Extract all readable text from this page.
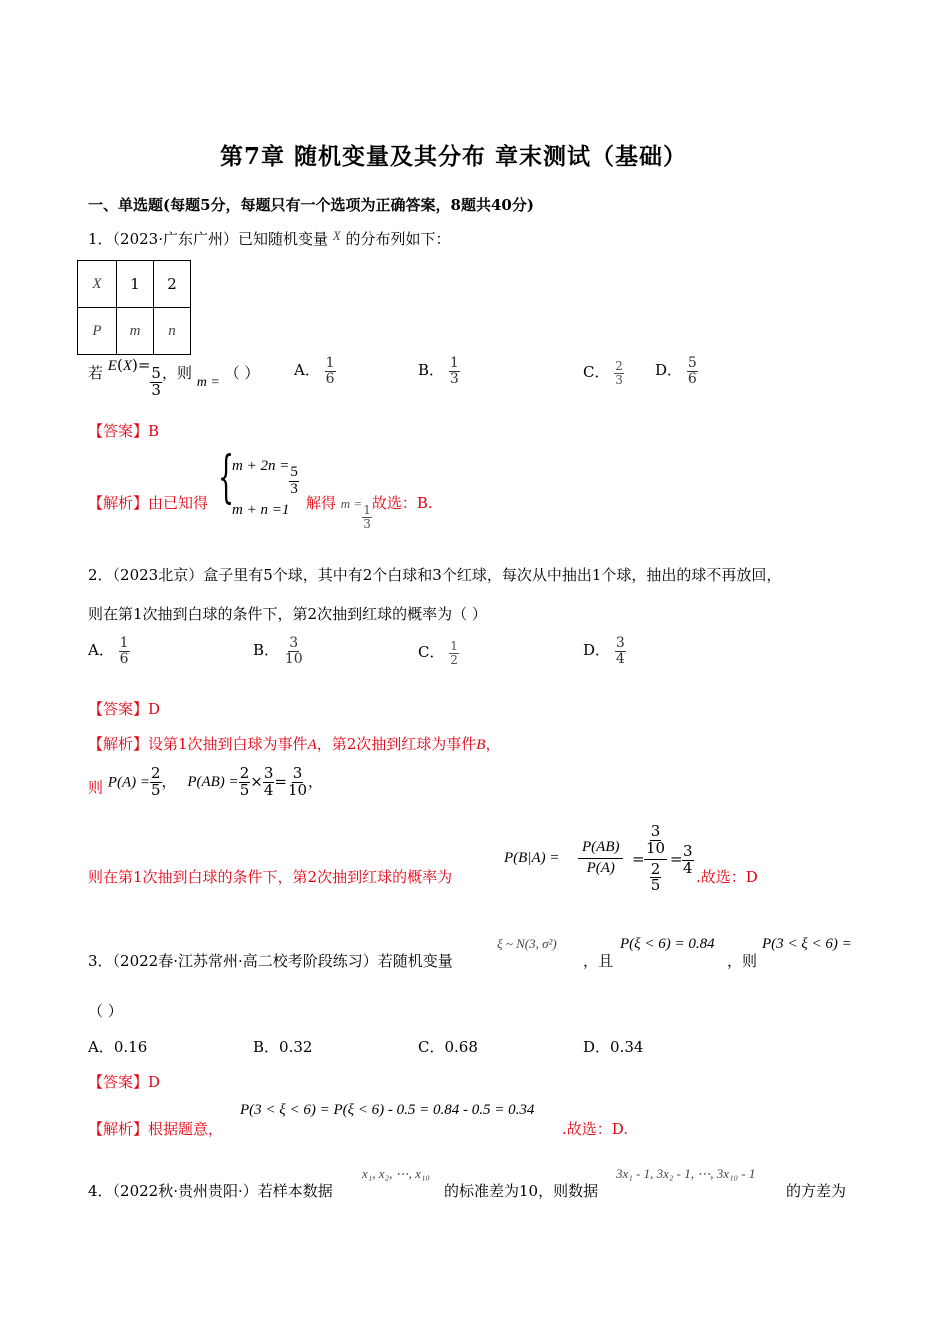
第7章 随机变量及其分布 章末测试（基础）
一、单选题(每题5分，每题只有一个选项为正确答案，8题共40分)
1．（2023·广东广州）已知随机变量 X 的分布列如下：
X	1	2
P	m	n
若 E(X)=
$\frac{5}{3}$ ，则 m = （ ） A． $\frac{1}{6}$	B． $\frac{1}{3}$	C． $\frac{2}{3}$ D． $\frac{5}{6}$
【答案】B
【解析】由已知得 {
$m + 2n = \frac{5}{3}$
m + n =1 解得 m =
$\frac{1}{3}$
故选：B.
2．（2023北京）盒子里有5个球，其中有2个白球和3个红球，每次从中抽出1个球，抽出的球不再放回，
则在第1次抽到白球的条件下，第2次抽到红球的概率为（ ）
A． $\frac{1}{6}$	B． $\frac{3}{10}$	C． $\frac{1}{2}$	D． $\frac{3}{4}$
【答案】D
【解析】设第1次抽到白球为事件A，第2次抽到红球为事件B，
则 $P(A) = \frac{2}{5}$ ， $P(AB) = \frac{2}{5} \times \frac{3}{4} = \frac{3}{10}$ ，
则在第1次抽到白球的条件下，第2次抽到红球的概率为
$P(B|A) = \frac{P(AB)}{P(A)} = \frac{\frac{3}{10}}{\frac{2}{5}} = \frac{3}{4}$
.故选：D
3．（2022春·江苏常州·高二校考阶段练习）若随机变量
ξ ~ N(3, σ²)
，且
P(ξ < 6) = 0.84
，则
P(3 < ξ < 6) =
（ ）
A．0.16	B．0.32	C．0.68	D．0.34
【答案】D
【解析】根据题意，
P(3 < ξ < 6) = P(ξ < 6) - 0.5 = 0.84 - 0.5 = 0.34
.故选：D.
4．（2022秋·贵州贵阳·）若样本数据
x₁, x₂, ⋯, x₁₀
的标准差为10，则数据
3x₁ - 1, 3x₂ - 1, ⋯, 3x₁₀ - 1
的方差为
